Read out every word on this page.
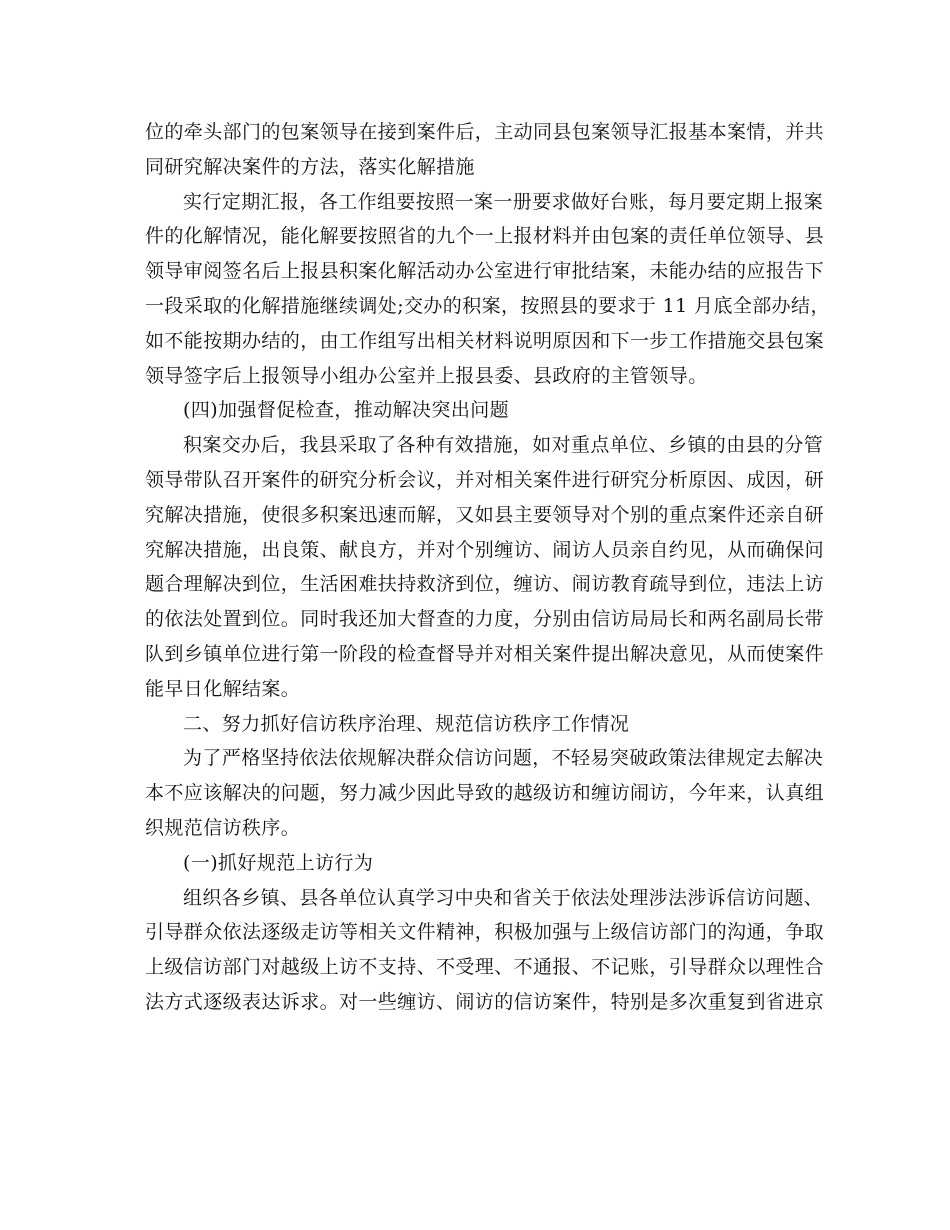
位的牵头部门的包案领导在接到案件后，主动同县包案领导汇报基本案情，并共
同研究解决案件的方法，落实化解措施
实行定期汇报，各工作组要按照一案一册要求做好台账，每月要定期上报案
件的化解情况，能化解要按照省的九个一上报材料并由包案的责任单位领导、县
领导审阅签名后上报县积案化解活动办公室进行审批结案，未能办结的应报告下
一段采取的化解措施继续调处;交办的积案，按照县的要求于 11 月底全部办结，
如不能按期办结的，由工作组写出相关材料说明原因和下一步工作措施交县包案
领导签字后上报领导小组办公室并上报县委、县政府的主管领导。
(四)加强督促检查，推动解决突出问题
积案交办后，我县采取了各种有效措施，如对重点单位、乡镇的由县的分管
领导带队召开案件的研究分析会议，并对相关案件进行研究分析原因、成因，研
究解决措施，使很多积案迅速而解，又如县主要领导对个别的重点案件还亲自研
究解决措施，出良策、献良方，并对个别缠访、闹访人员亲自约见，从而确保问
题合理解决到位，生活困难扶持救济到位，缠访、闹访教育疏导到位，违法上访
的依法处置到位。同时我还加大督查的力度，分别由信访局局长和两名副局长带
队到乡镇单位进行第一阶段的检查督导并对相关案件提出解决意见，从而使案件
能早日化解结案。
二、努力抓好信访秩序治理、规范信访秩序工作情况
为了严格坚持依法依规解决群众信访问题，不轻易突破政策法律规定去解决
本不应该解决的问题，努力减少因此导致的越级访和缠访闹访，今年来，认真组
织规范信访秩序。
(一)抓好规范上访行为
组织各乡镇、县各单位认真学习中央和省关于依法处理涉法涉诉信访问题、
引导群众依法逐级走访等相关文件精神，积极加强与上级信访部门的沟通，争取
上级信访部门对越级上访不支持、不受理、不通报、不记账，引导群众以理性合
法方式逐级表达诉求。对一些缠访、闹访的信访案件，特别是多次重复到省进京
